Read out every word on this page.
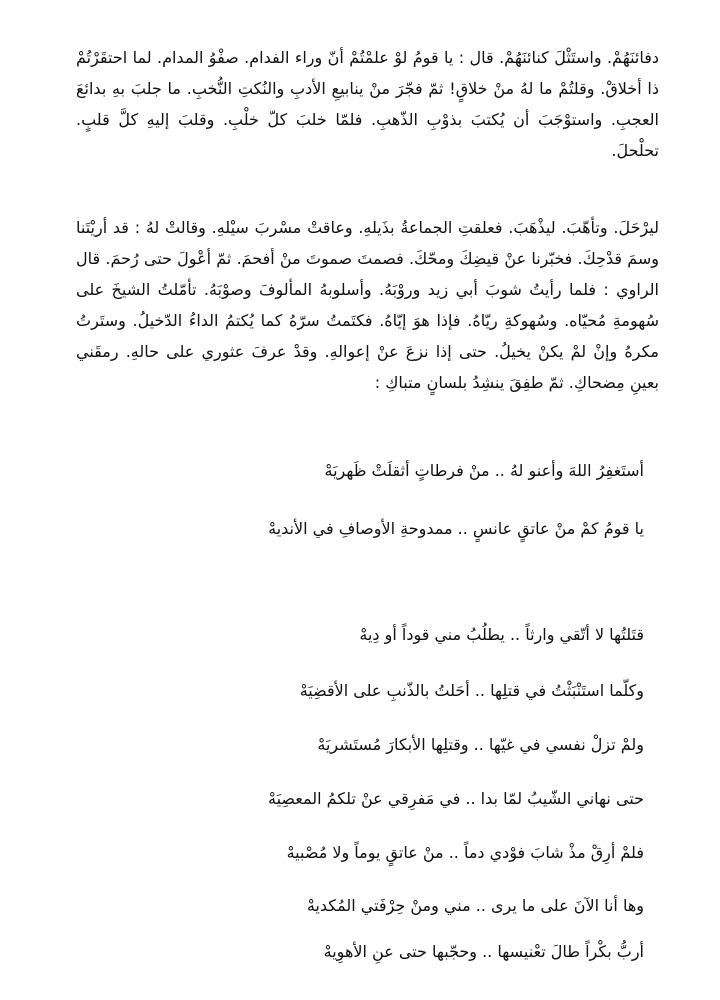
دفائنَهُمْ. واستَثْلَ كنائنَهُمْ. قال : يا قومُ لوْ علمْتُمْ أنّ وراء الفدام. صفْوُ المدام. لما احتقَرْتُمْ ذا أخلاقْ. وقلتُمْ ما لهُ منْ خلاقٍ! ثمّ فجّرَ منْ ينابيعِ الأدبِ والنُكتِ النُّخبِ. ما جلبَ بهِ بدائعَ العجبِ. واستوْجَبَ أن يُكتبَ بذوْبِ الذّهبِ. فلمّا خلبَ كلّ خلْبِ. وقلبَ إليهِ كلَّ قلبٍ. تحلْحلَ.

ليرْحَلَ. وتأهّبَ. ليذْهَبَ. فعلقتِ الجماعةُ بذَيلهِ. وعاقتْ مسْربَ سيْلهِ. وقالتْ لهُ : قد أريْتَنا وسمَ قدْحِكَ. فخبّرنا عنْ قيضِكَ ومحّكَ. فصمتَ صموتَ منْ أفحمَ. ثمّ أعْولَ حتى رُحمَ. قال الراوي : فلما رأيتُ شوبَ أبي زيد وروْبَهُ. وأسلوبهُ المألوفَ وصوْبَهُ. تأمّلتُ الشيخَ على سُهومةِ مُحيّاه. وسُهوكةِ ريّاهُ. فإذا هوَ إيّاهُ. فكتَمتُ سرّهُ كما يُكتمُ الداءُ الدّخيلُ. وستَرتُ مكرهُ وإنْ لمْ يكنْ يخيلُ. حتى إذا نزعَ عنْ إعوالهِ. وقدْ عرفَ عثوري على حالهِ. رمقَني بعينِ مِضحاكِ. ثمّ طفِقَ ينشِدُ بلسانٍ متباكِ :

أستَغفِرُ اللهَ وأعنو لهُ .. منْ فرطاتٍ أثقلَتْ ظَهريَهْ

يا قومُ كمْ منْ عاتقٍ عانسٍ .. ممدوحةِ الأوصافِ في الأنديهْ

قتَلتُها لا أتّقي وارثاً .. يطلُبُ مني قوداً أو دِيهْ

وكلّما استَنْبَثْتُ في قتلِها .. أحَلتُ بالذّنبِ على الأقضِيَهْ

ولمْ تزلْ نفسي في غيّها .. وقتلِها الأبكارَ مُستَشريَهْ

حتى نهاني الشّيبُ لمّا بدا .. في مَفرِقي عنْ تلكمُ المعصِيَهْ

فلمْ أرِقْ مذْ شابَ فوْدي دماً .. منْ عاتقٍ يوماً ولا مُصْبيهْ

وها أنا الآنَ على ما يرى .. مني ومنْ حِرْفَتي المُكديهْ

أربُّ بكْراً طالَ تعْنيسها .. وحجّبها حتى عنِ الأهوِيهْ
